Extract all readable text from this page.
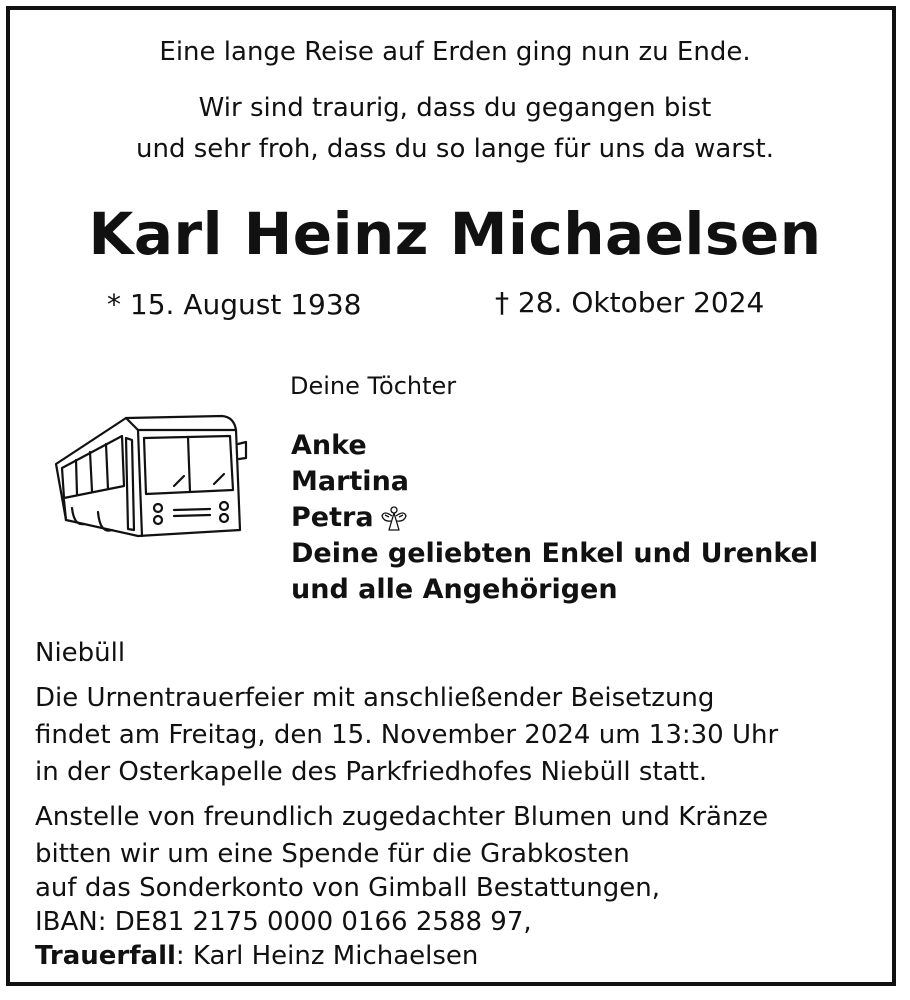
Eine lange Reise auf Erden ging nun zu Ende.
Wir sind traurig, dass du gegangen bist
und sehr froh, dass du so lange für uns da warst.
Karl Heinz Michaelsen
* 15. August 1938	† 28. Oktober 2024
Deine Töchter
Anke
Martina
Petra
Deine geliebten Enkel und Urenkel
und alle Angehörigen
Niebüll
Die Urnentrauerfeier mit anschließender Beisetzung
findet am Freitag, den 15. November 2024 um 13:30 Uhr
in der Osterkapelle des Parkfriedhofes Niebüll statt.
Anstelle von freundlich zugedachter Blumen und Kränze
bitten wir um eine Spende für die Grabkosten
auf das Sonderkonto von Gimball Bestattungen,
IBAN: DE81 2175 0000 0166 2588 97,
Trauerfall: Karl Heinz Michaelsen
